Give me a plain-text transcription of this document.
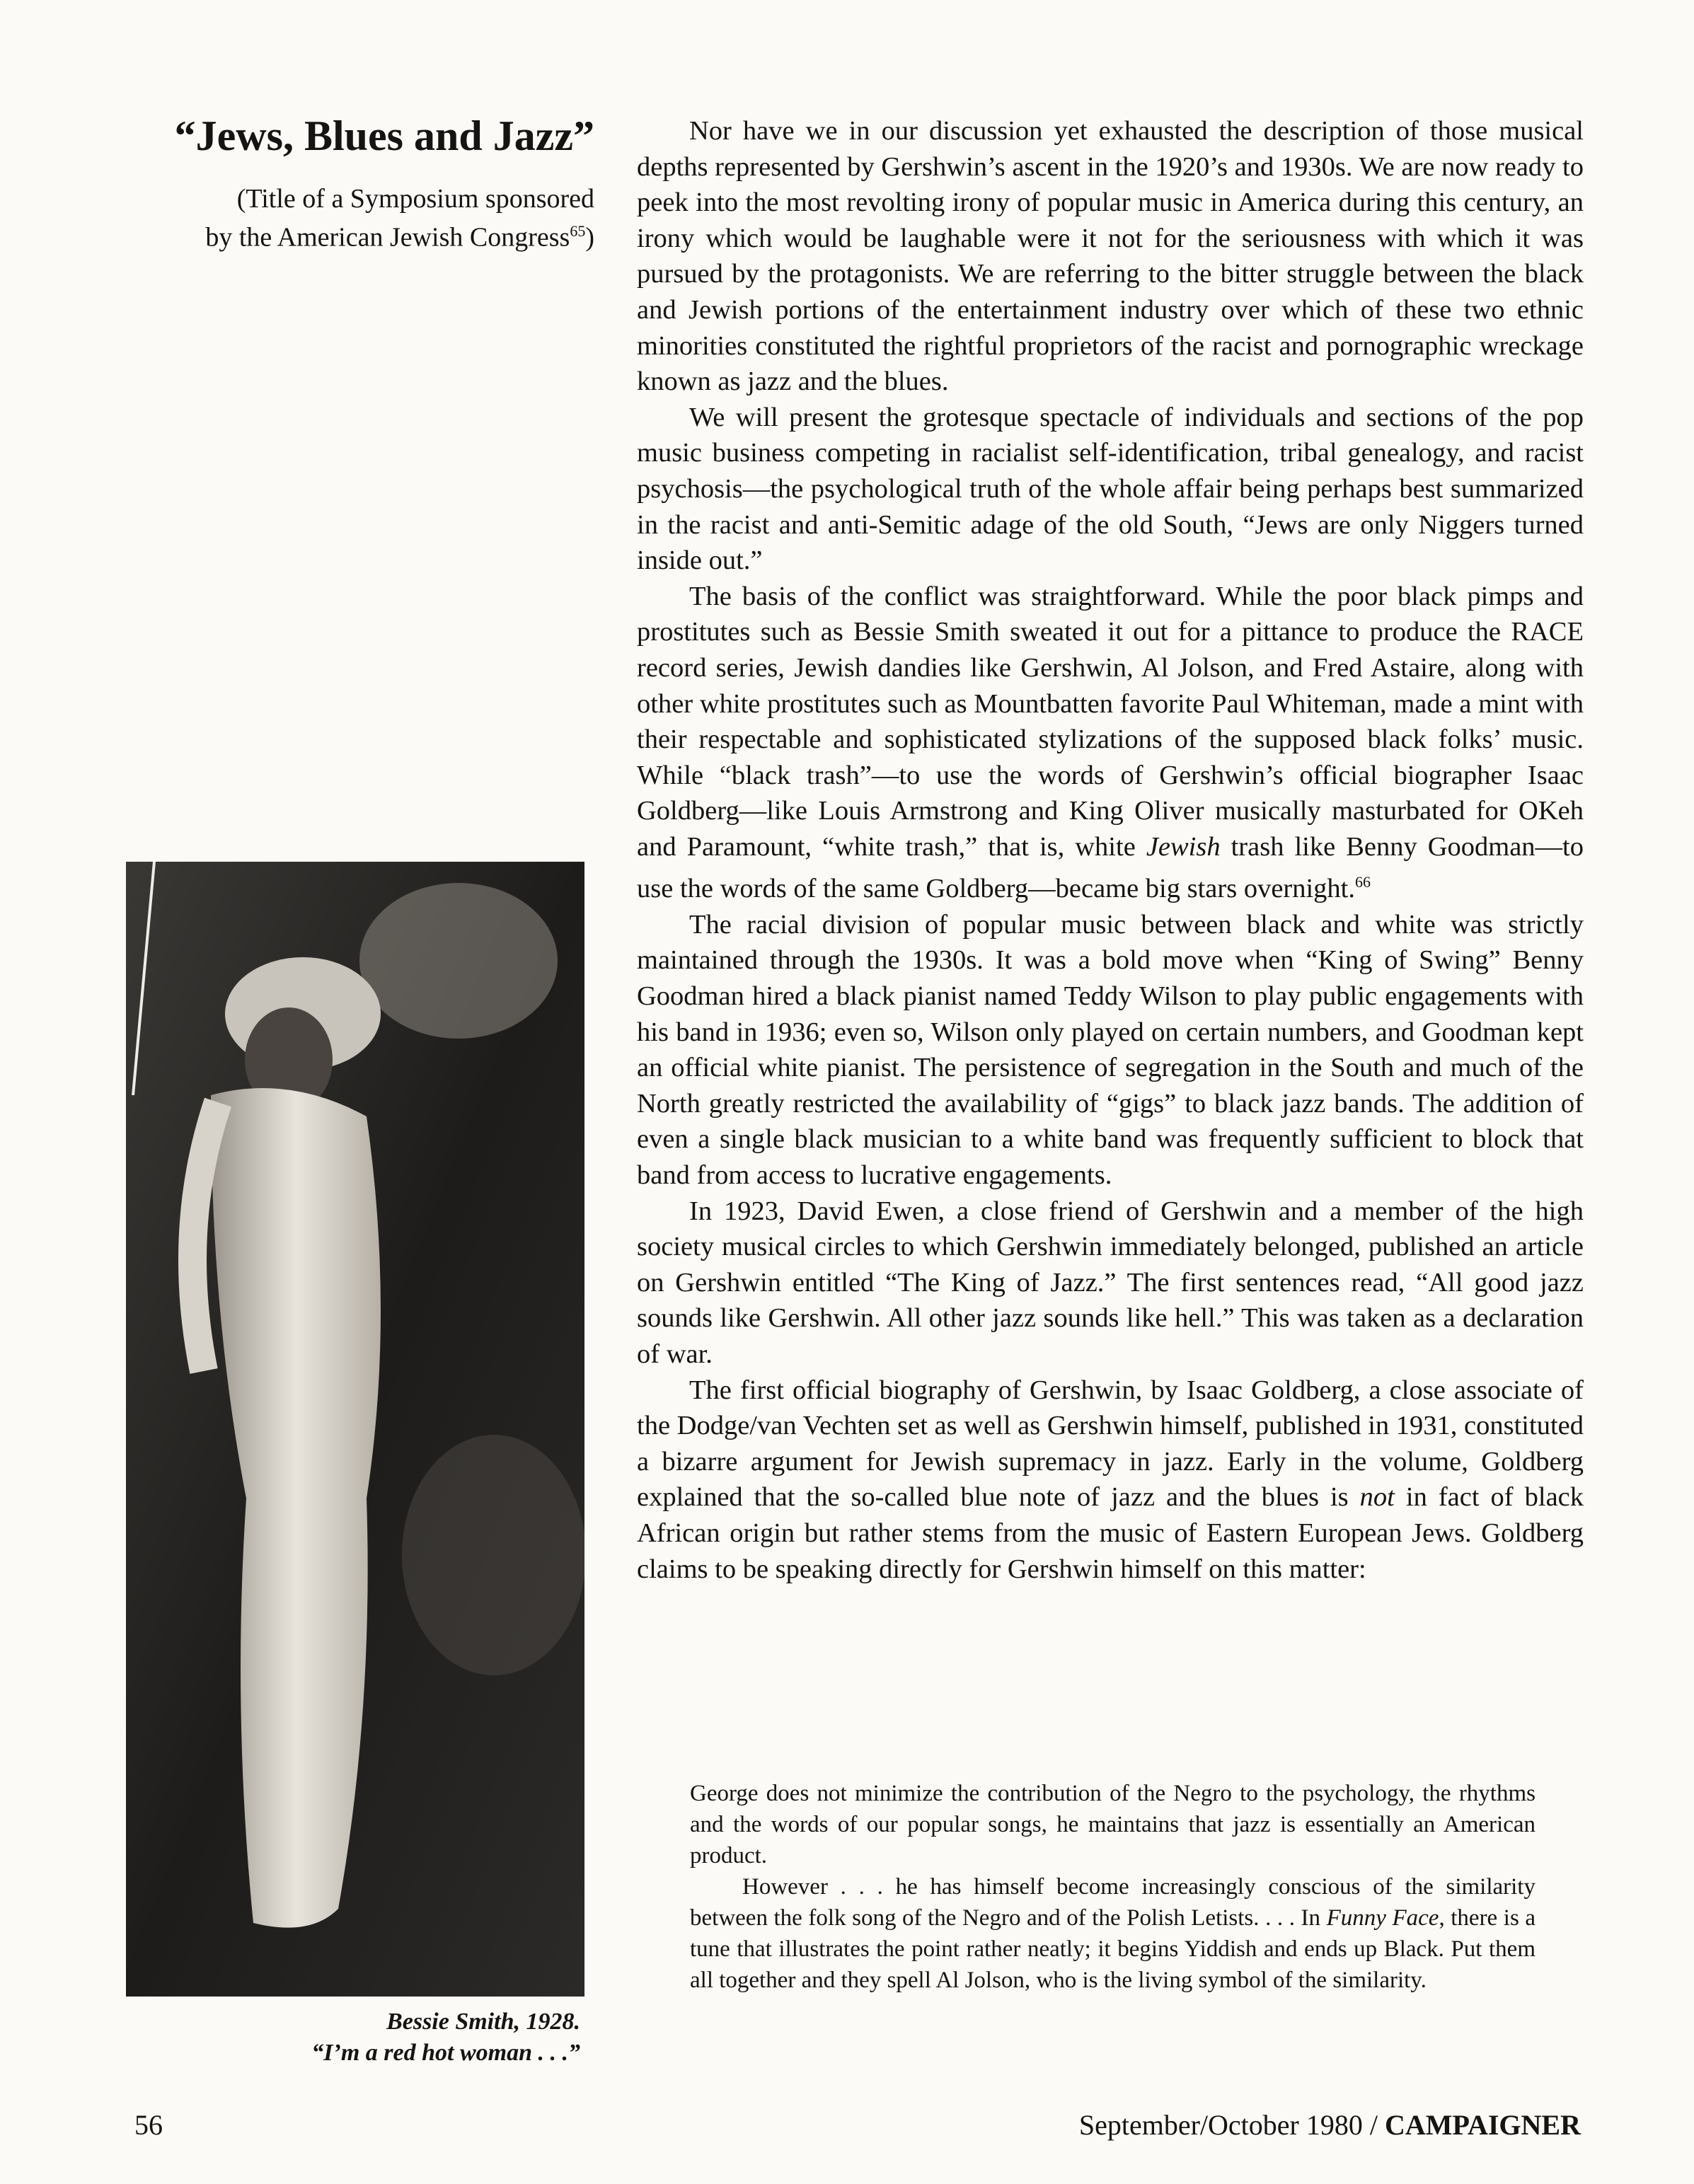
“Jews, Blues and Jazz”
(Title of a Symposium sponsored
by the American Jewish Congress$^{65}$)
Bessie Smith, 1928.
“I’m a red hot woman . . .”

Nor have we in our discussion yet exhausted the description of those musical depths represented by Gershwin’s ascent in the 1920’s and 1930s. We are now ready to peek into the most revolting irony of popular music in America during this century, an irony which would be laughable were it not for the seriousness with which it was pursued by the protagonists. We are referring to the bitter struggle between the black and Jewish portions of the entertainment industry over which of these two ethnic minorities constituted the rightful proprietors of the racist and pornographic wreckage known as jazz and the blues.

We will present the grotesque spectacle of individuals and sections of the pop music business competing in racialist self-identification, tribal genealogy, and racist psychosis—the psychological truth of the whole affair being perhaps best summarized in the racist and anti-Semitic adage of the old South, “Jews are only Niggers turned inside out.”

The basis of the conflict was straightforward. While the poor black pimps and prostitutes such as Bessie Smith sweated it out for a pittance to produce the RACE record series, Jewish dandies like Gershwin, Al Jolson, and Fred Astaire, along with other white prostitutes such as Mountbatten favorite Paul Whiteman, made a mint with their respectable and sophisticated stylizations of the supposed black folks’ music. While “black trash”—to use the words of Gershwin’s official biographer Isaac Goldberg—like Louis Armstrong and King Oliver musically masturbated for OKeh and Paramount, “white trash,” that is, white Jewish trash like Benny Goodman—to use the words of the same Goldberg—became big stars overnight.$^{66}$

The racial division of popular music between black and white was strictly maintained through the 1930s. It was a bold move when “King of Swing” Benny Goodman hired a black pianist named Teddy Wilson to play public engagements with his band in 1936; even so, Wilson only played on certain numbers, and Goodman kept an official white pianist. The persistence of segregation in the South and much of the North greatly restricted the availability of “gigs” to black jazz bands. The addition of even a single black musician to a white band was frequently sufficient to block that band from access to lucrative engagements.

In 1923, David Ewen, a close friend of Gershwin and a member of the high society musical circles to which Gershwin immediately belonged, published an article on Gershwin entitled “The King of Jazz.” The first sentences read, “All good jazz sounds like Gershwin. All other jazz sounds like hell.” This was taken as a declaration of war.

The first official biography of Gershwin, by Isaac Goldberg, a close associate of the Dodge/van Vechten set as well as Gershwin himself, published in 1931, constituted a bizarre argument for Jewish supremacy in jazz. Early in the volume, Goldberg explained that the so-called blue note of jazz and the blues is not in fact of black African origin but rather stems from the music of Eastern European Jews. Goldberg claims to be speaking directly for Gershwin himself on this matter:

George does not minimize the contribution of the Negro to the psychology, the rhythms and the words of our popular songs, he maintains that jazz is essentially an American product.

However . . . he has himself become increasingly conscious of the similarity between the folk song of the Negro and of the Polish Letists. . . . In Funny Face, there is a tune that illustrates the point rather neatly; it begins Yiddish and ends up Black. Put them all together and they spell Al Jolson, who is the living symbol of the similarity.

56	September/October 1980 / CAMPAIGNER
